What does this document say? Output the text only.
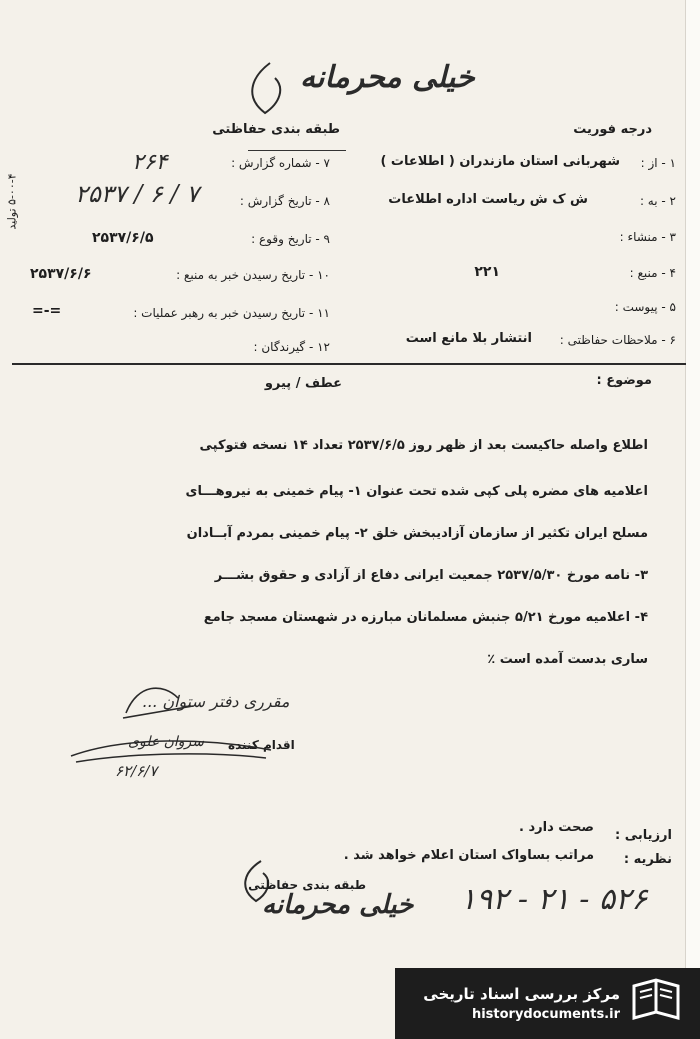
خیلی محرمانه
طبقه بندی حفاظتی	درجه فوریت
۷ - شماره گزارش :
۲۶۴
۸ - تاریخ گزارش :
۷ / ۶ / ۲۵۳۷
۹ - تاریخ وقوع :
۲۵۳۷/۶/۵
۱۰ - تاریخ رسیدن خبر به منبع :
۲۵۳۷/۶/۶
۱۱ - تاریخ رسیدن خبر به رهبر عملیات :
=-=
۱۲ - گیرندگان :
۱ - از :
شهربانی استان مازندران ( اطلاعات )
۲ - به :
ش ک ش ریاست اداره اطلاعات
۳ - منشاء :
۴ - منبع :
۲۲۱
۵ - پیوست :
۶ - ملاحظات حفاظتی :
انتشار بلا مانع است
۵-۰۰-۴ تولید
موضوع :
عطف / پیرو
اطلاع واصله حاکیست بعد از ظهر روز ۲۵۳۷/۶/۵ تعداد ۱۴ نسخه فتوکپی
اعلامیه های مضره پلی کپی شده تحت عنوان ۱- پیام خمینی به نیروهـــای
مسلح ایران تکثیر از سازمان آزادیبخش خلق ۲- پیام خمینی بمردم آبــادان
۳- نامه مورخ ۲۵۳۷/۵/۳۰ جمعیت ایرانی دفاع از آزادی و حقوق بشـــر
۴- اعلامیه مورخ ۵/۲۱ جنبش مسلمانان مبارزه در شهستان مسجد جامع
ساری بدست آمده است ٪
مقرری دفتر ستوان ...
اقدام کننده
سروان علوی
۶۲/۶/۷
ارزیابی :
صحت دارد .
نظریه :
مراتب بساواک استان اعلام خواهد شد .
طبقه بندی حفاظتی
خیلی محرمانه ۱۹۲ - ۲۱ - ۵۲۶
مرکز بررسی اسناد تاریخی
historydocuments.ir
